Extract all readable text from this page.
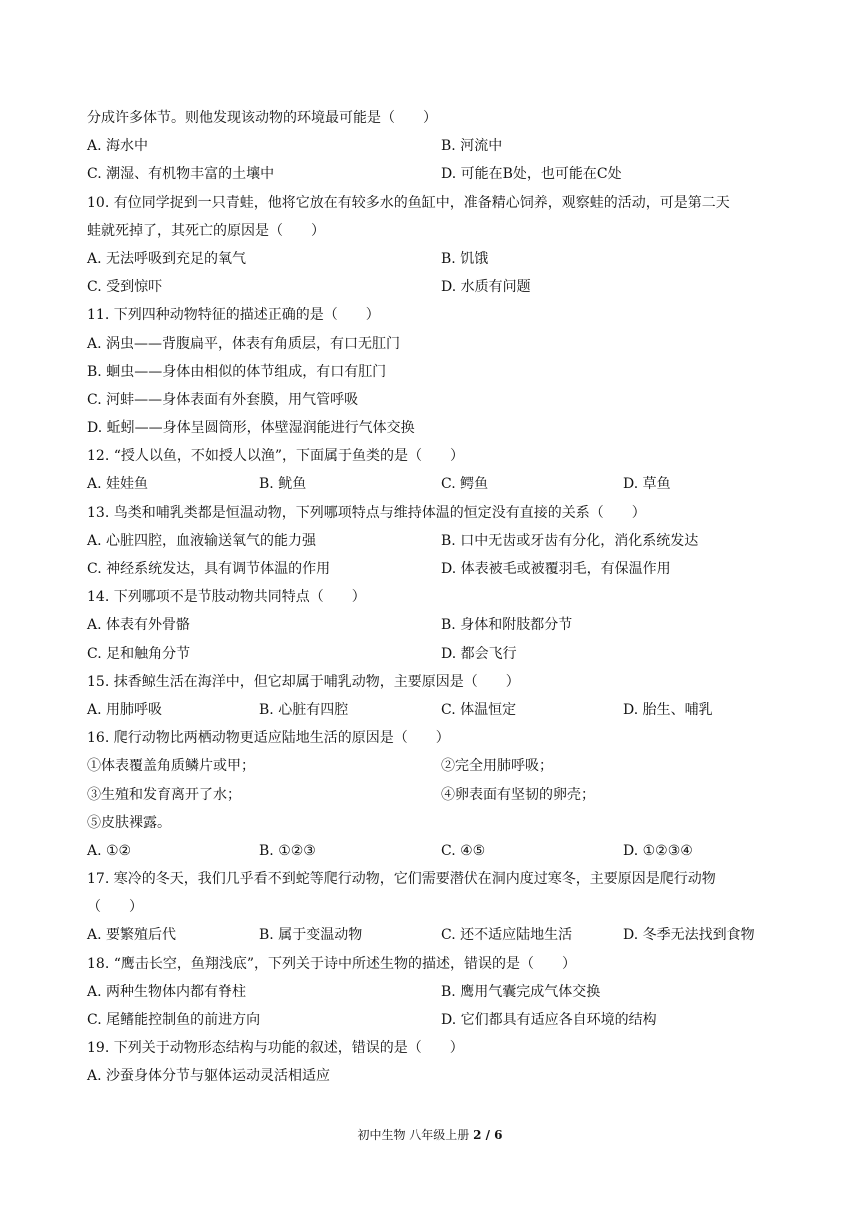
分成许多体节。则他发现该动物的环境最可能是（　　）
A. 海水中	B. 河流中
C. 潮湿、有机物丰富的土壤中	D. 可能在B处，也可能在C处
10. 有位同学捉到一只青蛙，他将它放在有较多水的鱼缸中，准备精心饲养，观察蛙的活动，可是第二天
蛙就死掉了，其死亡的原因是（　　）
A. 无法呼吸到充足的氧气	B. 饥饿
C. 受到惊吓	D. 水质有问题
11. 下列四种动物特征的描述正确的是（　　）
A. 涡虫——背腹扁平，体表有角质层，有口无肛门
B. 蛔虫——身体由相似的体节组成，有口有肛门
C. 河蚌——身体表面有外套膜，用气管呼吸
D. 蚯蚓——身体呈圆筒形，体壁湿润能进行气体交换
12. “授人以鱼，不如授人以渔”，下面属于鱼类的是（　　）
A. 娃娃鱼	B. 鱿鱼	C. 鳄鱼	D. 草鱼
13. 鸟类和哺乳类都是恒温动物，下列哪项特点与维持体温的恒定没有直接的关系（　　）
A. 心脏四腔，血液输送氧气的能力强	B. 口中无齿或牙齿有分化，消化系统发达
C. 神经系统发达，具有调节体温的作用	D. 体表被毛或被覆羽毛，有保温作用
14. 下列哪项不是节肢动物共同特点（　　）
A. 体表有外骨骼	B. 身体和附肢都分节
C. 足和触角分节	D. 都会飞行
15. 抹香鲸生活在海洋中，但它却属于哺乳动物，主要原因是（　　）
A. 用肺呼吸	B. 心脏有四腔	C. 体温恒定	D. 胎生、哺乳
16. 爬行动物比两栖动物更适应陆地生活的原因是（　　）
①体表覆盖角质鳞片或甲；	②完全用肺呼吸；
③生殖和发育离开了水；	④卵表面有坚韧的卵壳；
⑤皮肤裸露。
A. ①②	B. ①②③	C. ④⑤	D. ①②③④
17. 寒冷的冬天，我们几乎看不到蛇等爬行动物，它们需要潜伏在洞内度过寒冬，主要原因是爬行动物
（　　）
A. 要繁殖后代	B. 属于变温动物	C. 还不适应陆地生活	D. 冬季无法找到食物
18. “鹰击长空，鱼翔浅底”，下列关于诗中所述生物的描述，错误的是（　　）
A. 两种生物体内都有脊柱	B. 鹰用气囊完成气体交换
C. 尾鳍能控制鱼的前进方向	D. 它们都具有适应各自环境的结构
19. 下列关于动物形态结构与功能的叙述，错误的是（　　）
A. 沙蚕身体分节与躯体运动灵活相适应
初中生物 八年级上册 2 / 6
